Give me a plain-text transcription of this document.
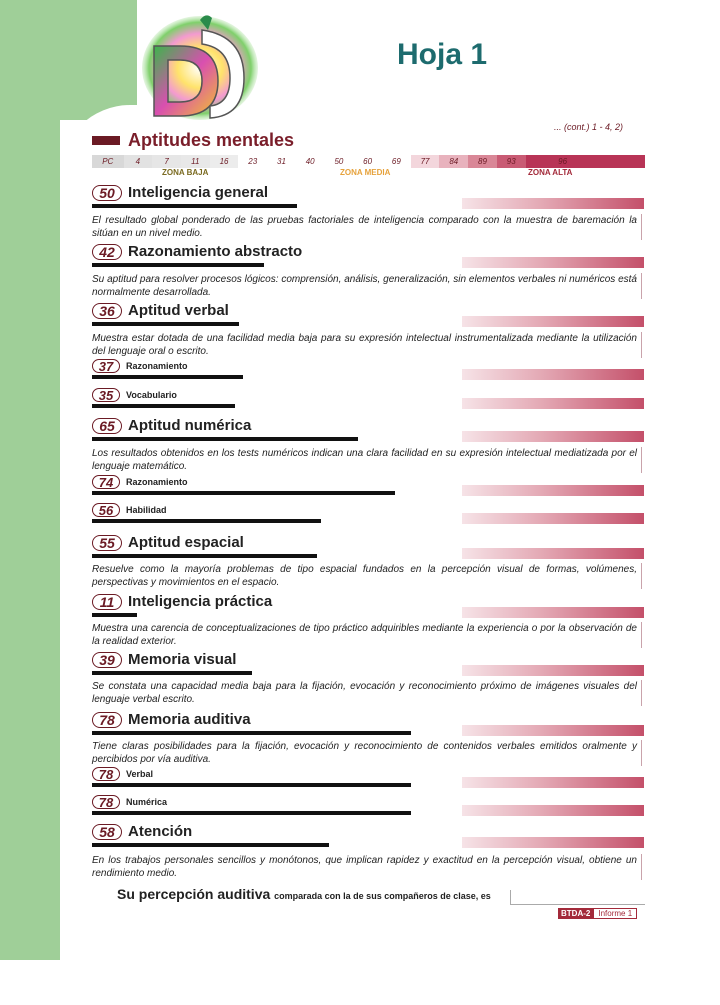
Hoja 1
Aptitudes mentales
... (cont.) 1 - 4, 2)
PC	4	7	11	16	23	31	40	50	60	69	77	84	89	93	96
ZONA BAJA	ZONA MEDIA	ZONA ALTA
50 Inteligencia general
El resultado global ponderado de las pruebas factoriales de inteligencia comparado con la muestra de baremación la sitúan en un nivel medio.
42 Razonamiento abstracto
Su aptitud para resolver procesos lógicos: comprensión, análisis, generalización, sin elementos verbales ni numéricos está normalmente desarrollada.
36 Aptitud verbal
Muestra estar dotada de una facilidad media baja para su expresión intelectual instrumentalizada mediante la utilización del lenguaje oral o escrito.
37	Razonamiento
35	Vocabulario
65 Aptitud numérica
Los resultados obtenidos en los tests numéricos indican una clara facilidad en su expresión intelectual mediatizada por el lenguaje matemático.
74	Razonamiento
56	Habilidad
55 Aptitud espacial
Resuelve como la mayoría problemas de tipo espacial fundados en la percepción visual de formas, volúmenes, perspectivas y movimientos en el espacio.
11 Inteligencia práctica
Muestra una carencia de conceptualizaciones de tipo práctico adquiribles mediante la experiencia o por la observación de la realidad exterior.
39 Memoria visual
Se constata una capacidad media baja para la fijación, evocación y reconocimiento próximo de imágenes visuales del lenguaje verbal escrito.
78 Memoria auditiva
Tiene claras posibilidades para la fijación, evocación y reconocimiento de contenidos verbales emitidos oralmente y percibidos por vía auditiva.
78	Verbal
78	Numérica
58 Atención
En los trabajos personales sencillos y monótonos, que implican rapidez y exactitud en la percepción visual, obtiene un rendimiento medio.
Su percepción auditiva comparada con la de sus compañeros de clase, es
BTDA-2	Informe 1
